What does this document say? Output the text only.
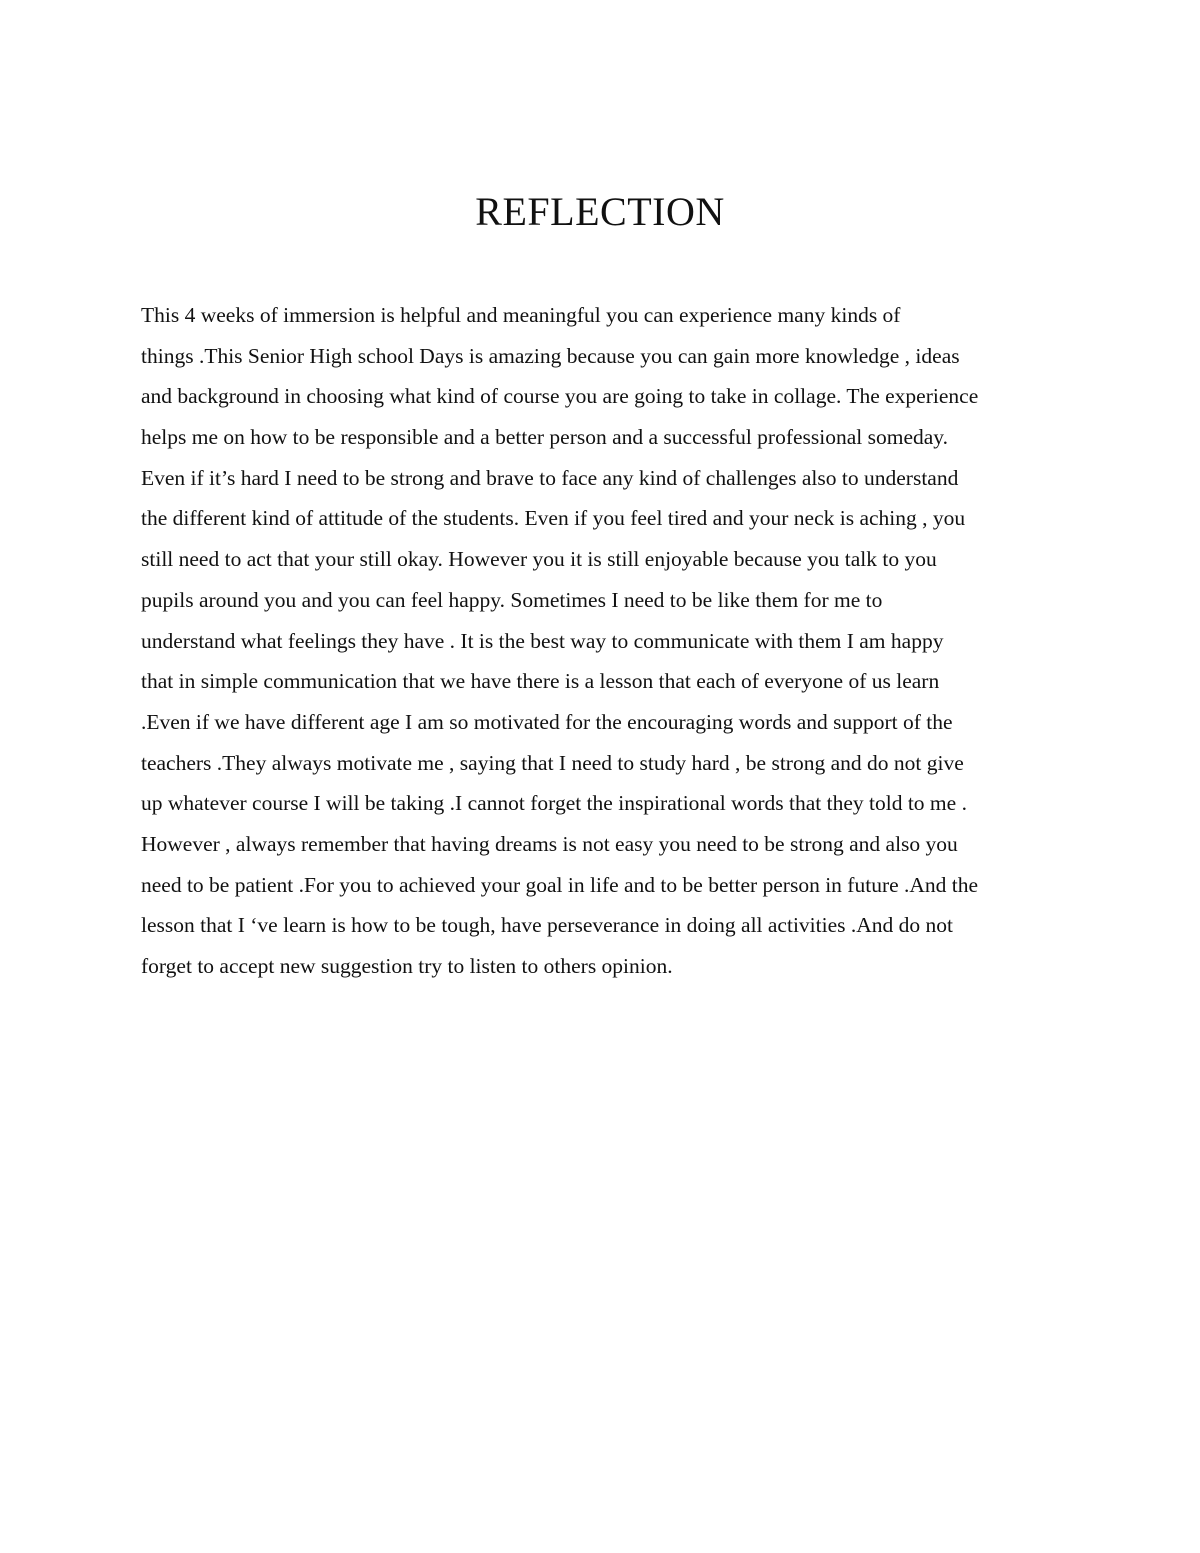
REFLECTION
This 4 weeks of immersion is helpful and meaningful you can experience many kinds of
things .This Senior High school Days is amazing because you can gain more knowledge , ideas
and background in choosing what kind of course you are going to take in collage. The experience
helps me on how to be responsible and a better person and a successful professional someday.
Even if it’s hard I need to be strong and brave to face any kind of challenges also to understand
the different kind of attitude of the students. Even if you feel tired and your neck is aching , you
still need to act that your still okay. However you it is still enjoyable because you talk to you
pupils around you and you can feel happy. Sometimes I need to be like them for me to
understand what feelings they have . It is the best way to communicate with them I am happy
that in simple communication that we have there is a lesson that each of everyone of us learn
.Even if we have different age I am so motivated for the encouraging words and support of the
teachers .They always motivate me , saying that I need to study hard , be strong and do not give
up whatever course I will be taking .I cannot forget the inspirational words that they told to me .
However , always remember that having dreams is not easy you need to be strong and also you
need to be patient .For you to achieved your goal in life and to be better person in future .And the
lesson that I ‘ve learn is how to be tough, have perseverance in doing all activities .And do not
forget to accept new suggestion try to listen to others opinion.
